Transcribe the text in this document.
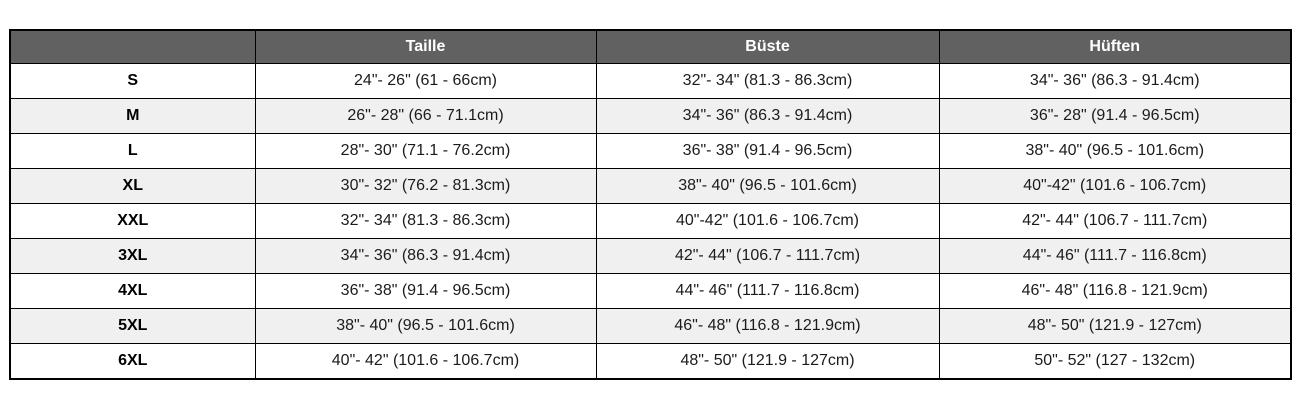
	Taille	Büste	Hüften
S	24"- 26" (61 - 66cm)	32"- 34" (81.3 - 86.3cm)	34"- 36" (86.3 - 91.4cm)
M	26"- 28" (66 - 71.1cm)	34"- 36" (86.3 - 91.4cm)	36"- 28" (91.4 - 96.5cm)
L	28"- 30" (71.1 - 76.2cm)	36"- 38" (91.4 - 96.5cm)	38"- 40" (96.5 - 101.6cm)
XL	30"- 32" (76.2 - 81.3cm)	38"- 40" (96.5 - 101.6cm)	40"-42" (101.6 - 106.7cm)
XXL	32"- 34" (81.3 - 86.3cm)	40"-42" (101.6 - 106.7cm)	42"- 44" (106.7 - 111.7cm)
3XL	34"- 36" (86.3 - 91.4cm)	42"- 44" (106.7 - 111.7cm)	44"- 46" (111.7 - 116.8cm)
4XL	36"- 38" (91.4 - 96.5cm)	44"- 46" (111.7 - 116.8cm)	46"- 48" (116.8 - 121.9cm)
5XL	38"- 40" (96.5 - 101.6cm)	46"- 48" (116.8 - 121.9cm)	48"- 50" (121.9 - 127cm)
6XL	40"- 42" (101.6 - 106.7cm)	48"- 50" (121.9 - 127cm)	50"- 52" (127 - 132cm)
